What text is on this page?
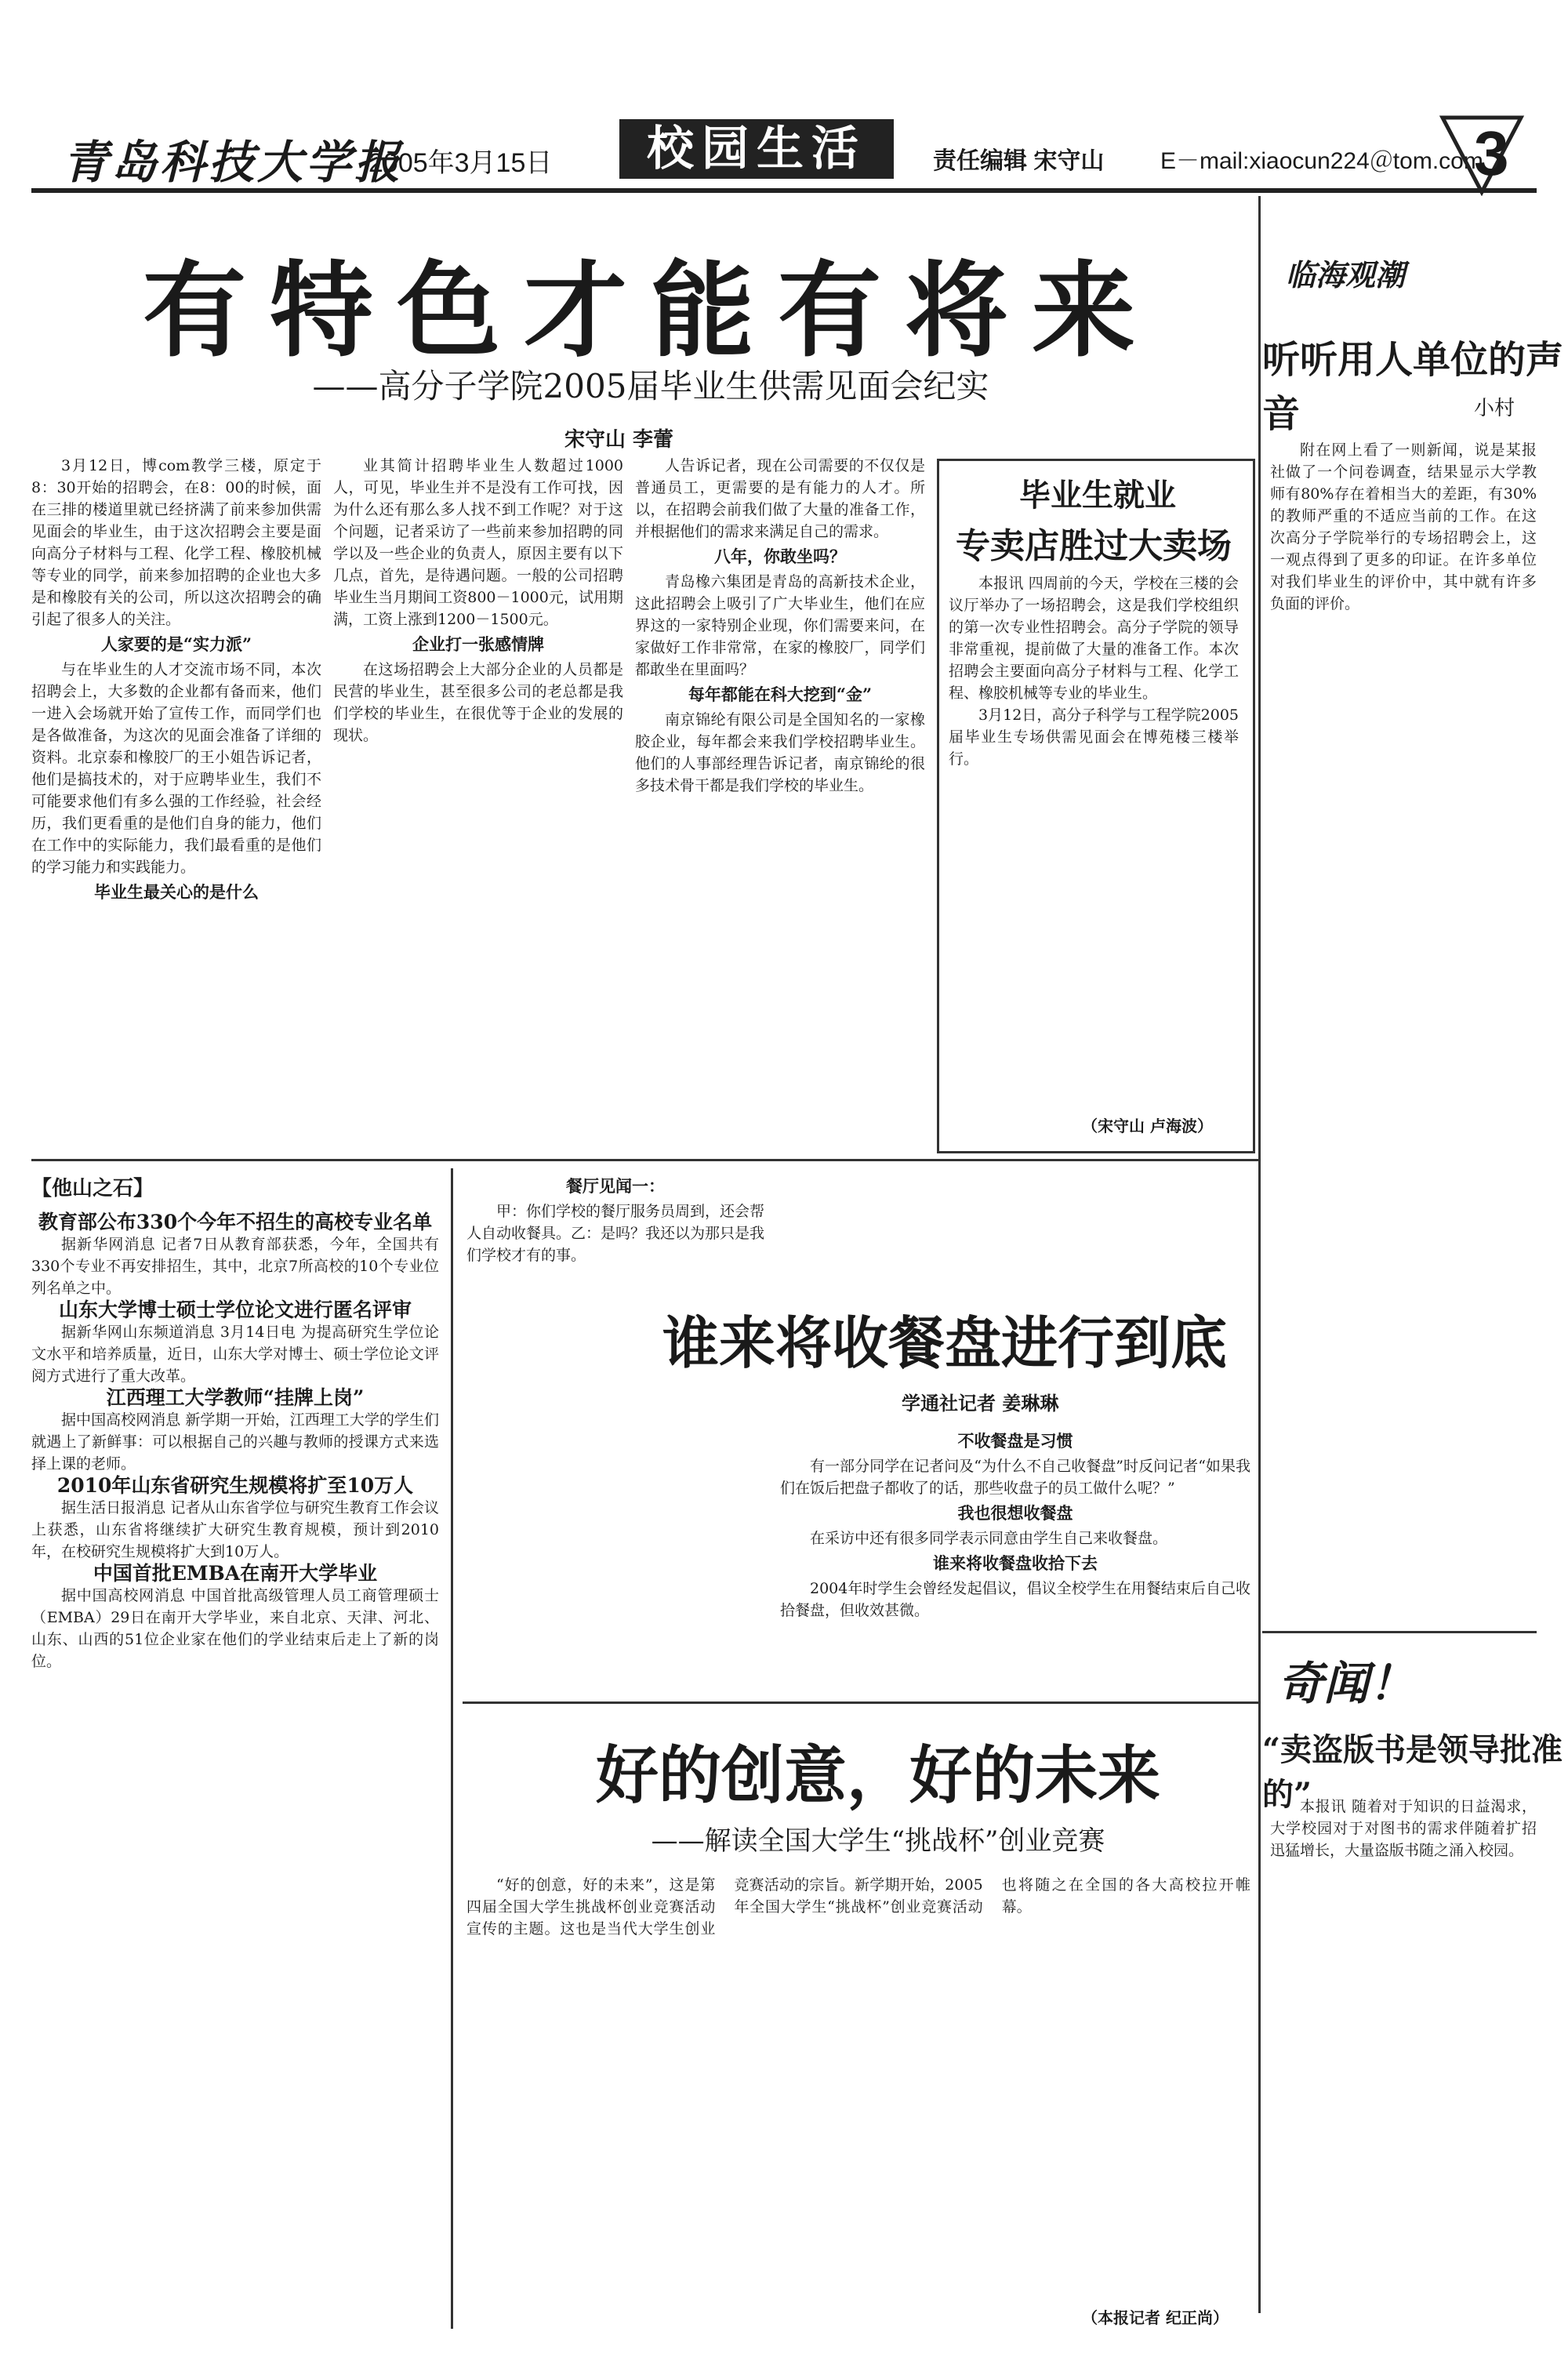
青岛科技大学报
2005年3月15日	校园生活	责任编辑 宋守山 E－mail:xiaocun224＠tom.com
3
有特色才能有将来
——高分子学院2005届毕业生供需见面会纪实
宋守山 李蕾

3月12日，博com教学三楼，原定于8：30开始的招聘会，在8：00的时候，面在三排的楼道里就已经挤满了前来参加供需见面会的毕业生，由于这次招聘会主要是面向高分子材料与工程、化学工程、橡胶机械等专业的同学，前来参加招聘的企业也大多是和橡胶有关的公司，所以这次招聘会的确引起了很多人的关注。

人家要的是“实力派”

与在毕业生的人才交流市场不同，本次招聘会上，大多数的企业都有备而来，他们一进入会场就开始了宣传工作，而同学们也是各做准备，为这次的见面会准备了详细的资料。北京泰和橡胶厂的王小姐告诉记者，他们是搞技术的，对于应聘毕业生，我们不可能要求他们有多么强的工作经验，社会经历，我们更看重的是他们自身的能力，他们在工作中的实际能力，我们最看重的是他们的学习能力和实践能力。

毕业生最关心的是什么

业其简计招聘毕业生人数超过1000人，可见，毕业生并不是没有工作可找，因为什么还有那么多人找不到工作呢？对于这个问题，记者采访了一些前来参加招聘的同学以及一些企业的负责人，原因主要有以下几点，首先，是待遇问题。一般的公司招聘毕业生当月期间工资800－1000元，试用期满，工资上涨到1200－1500元。

企业打一张感情牌

在这场招聘会上大部分企业的人员都是民营的毕业生，甚至很多公司的老总都是我们学校的毕业生，在很优等于企业的发展的现状。

人告诉记者，现在公司需要的不仅仅是普通员工，更需要的是有能力的人才。所以，在招聘会前我们做了大量的准备工作，并根据他们的需求来满足自己的需求。

八年，你敢坐吗？

青岛橡六集团是青岛的高新技术企业，这此招聘会上吸引了广大毕业生，他们在应界这的一家特别企业现，你们需要来问，在家做好工作非常常，在家的橡胶厂，同学们都敢坐在里面吗？

每年都能在科大挖到“金”

南京锦纶有限公司是全国知名的一家橡胶企业，每年都会来我们学校招聘毕业生。他们的人事部经理告诉记者，南京锦纶的很多技术骨干都是我们学校的毕业生。

毕业生就业
专卖店胜过大卖场

本报讯 四周前的今天，学校在三楼的会议厅举办了一场招聘会，这是我们学校组织的第一次专业性招聘会。高分子学院的领导非常重视，提前做了大量的准备工作。本次招聘会主要面向高分子材料与工程、化学工程、橡胶机械等专业的毕业生。

3月12日，高分子科学与工程学院2005届毕业生专场供需见面会在博苑楼三楼举行。

（宋守山 卢海波）
临海观潮
听听用人单位的声音	小村

附在网上看了一则新闻，说是某报社做了一个问卷调查，结果显示大学教师有80%存在着相当大的差距，有30%的教师严重的不适应当前的工作。在这次高分子学院举行的专场招聘会上，这一观点得到了更多的印证。在许多单位对我们毕业生的评价中，其中就有许多负面的评价。

【他山之石】
教育部公布330个今年不招生的高校专业名单

据新华网消息 记者7日从教育部获悉，今年，全国共有330个专业不再安排招生，其中，北京7所高校的10个专业位列名单之中。

山东大学博士硕士学位论文进行匿名评审

据新华网山东频道消息 3月14日电 为提高研究生学位论文水平和培养质量，近日，山东大学对博士、硕士学位论文评阅方式进行了重大改革。

江西理工大学教师“挂牌上岗”

据中国高校网消息 新学期一开始，江西理工大学的学生们就遇上了新鲜事：可以根据自己的兴趣与教师的授课方式来选择上课的老师。

2010年山东省研究生规模将扩至10万人

据生活日报消息 记者从山东省学位与研究生教育工作会议上获悉，山东省将继续扩大研究生教育规模，预计到2010年，在校研究生规模将扩大到10万人。

中国首批EMBA在南开大学毕业

据中国高校网消息 中国首批高级管理人员工商管理硕士（EMBA）29日在南开大学毕业，来自北京、天津、河北、山东、山西的51位企业家在他们的学业结束后走上了新的岗位。

餐厅见闻一：

甲：你们学校的餐厅服务员周到，还会帮人自动收餐具。乙：是吗？我还以为那只是我们学校才有的事。

谁来将收餐盘进行到底
学通社记者 姜琳琳
不收餐盘是习惯

有一部分同学在记者问及“为什么不自己收餐盘”时反问记者“如果我们在饭后把盘子都收了的话，那些收盘子的员工做什么呢？”

我也很想收餐盘

在采访中还有很多同学表示同意由学生自己来收餐盘。

谁来将收餐盘收拾下去

2004年时学生会曾经发起倡议，倡议全校学生在用餐结束后自己收拾餐盘，但收效甚微。

好的创意，好的未来
——解读全国大学生“挑战杯”创业竞赛

“好的创意，好的未来”，这是第四届全国大学生挑战杯创业竞赛活动宣传的主题。这也是当代大学生创业竞赛活动的宗旨。新学期开始，2005年全国大学生“挑战杯”创业竞赛活动也将随之在全国的各大高校拉开帷幕。

（本报记者 纪正尚）
奇闻！
“卖盗版书是领导批准的”

本报讯 随着对于知识的日益渴求，大学校园对于对图书的需求伴随着扩招迅猛增长，大量盗版书随之涌入校园。
